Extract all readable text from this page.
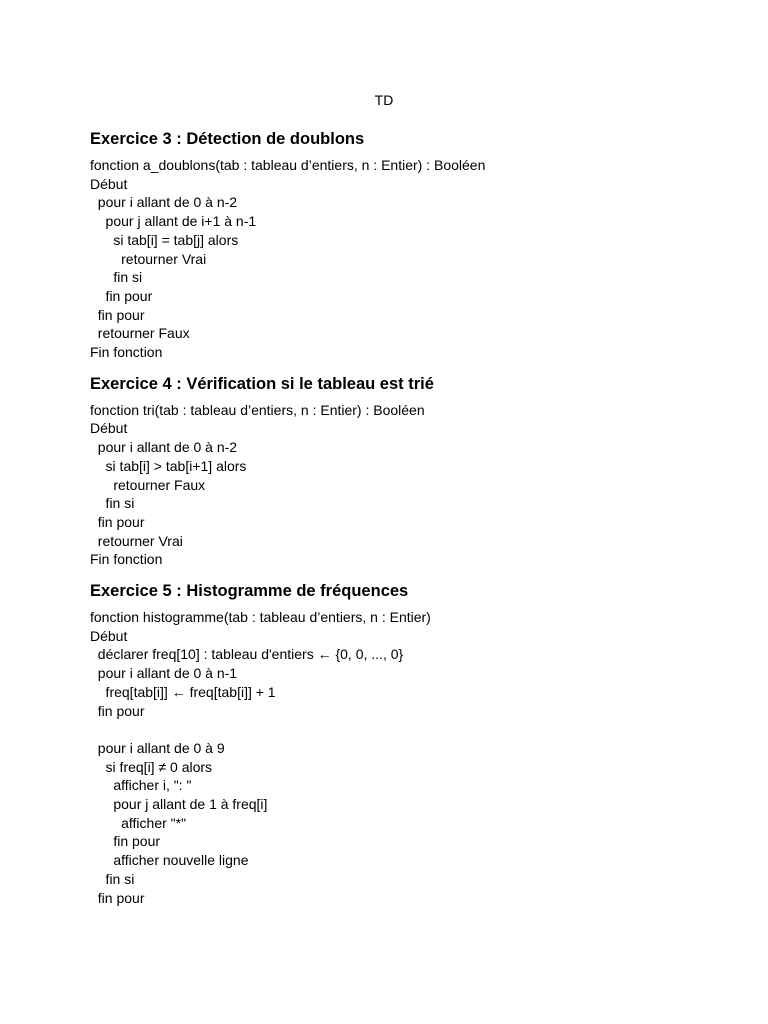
TD
Exercice 3 : Détection de doublons
fonction a_doublons(tab : tableau d’entiers, n : Entier) : Booléen
Début
pour i allant de 0 à n-2
pour j allant de i+1 à n-1
si tab[i] = tab[j] alors
retourner Vrai
fin si
fin pour
fin pour
retourner Faux
Fin fonction
Exercice 4 : Vérification si le tableau est trié
fonction tri(tab : tableau d’entiers, n : Entier) : Booléen
Début
pour i allant de 0 à n-2
si tab[i] > tab[i+1] alors
retourner Faux
fin si
fin pour
retourner Vrai
Fin fonction
Exercice 5 : Histogramme de fréquences
fonction histogramme(tab : tableau d’entiers, n : Entier)
Début
déclarer freq[10] : tableau d'entiers ← {0, 0, ..., 0}
pour i allant de 0 à n-1
freq[tab[i]] ← freq[tab[i]] + 1
fin pour
pour i allant de 0 à 9
si freq[i] ≠ 0 alors
afficher i, ": "
pour j allant de 1 à freq[i]
afficher "*"
fin pour
afficher nouvelle ligne
fin si
fin pour
